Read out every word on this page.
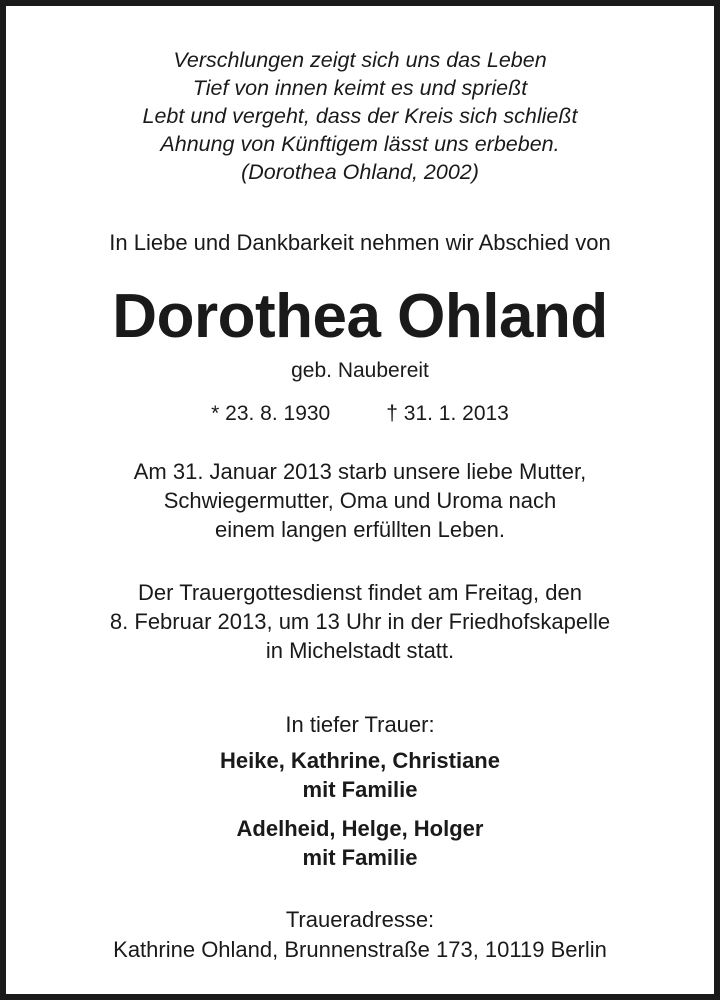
Verschlungen zeigt sich uns das Leben
Tief von innen keimt es und sprießt
Lebt und vergeht, dass der Kreis sich schließt
Ahnung von Künftigem lässt uns erbeben.
(Dorothea Ohland, 2002)
In Liebe und Dankbarkeit nehmen wir Abschied von
Dorothea Ohland
geb. Naubereit
* 23. 8. 1930	† 31. 1. 2013
Am 31. Januar 2013 starb unsere liebe Mutter,
Schwiegermutter, Oma und Uroma nach
einem langen erfüllten Leben.
Der Trauergottesdienst findet am Freitag, den
8. Februar 2013, um 13 Uhr in der Friedhofskapelle
in Michelstadt statt.
In tiefer Trauer:
Heike, Kathrine, Christiane
mit Familie
Adelheid, Helge, Holger
mit Familie
Traueradresse:
Kathrine Ohland, Brunnenstraße 173, 10119 Berlin
